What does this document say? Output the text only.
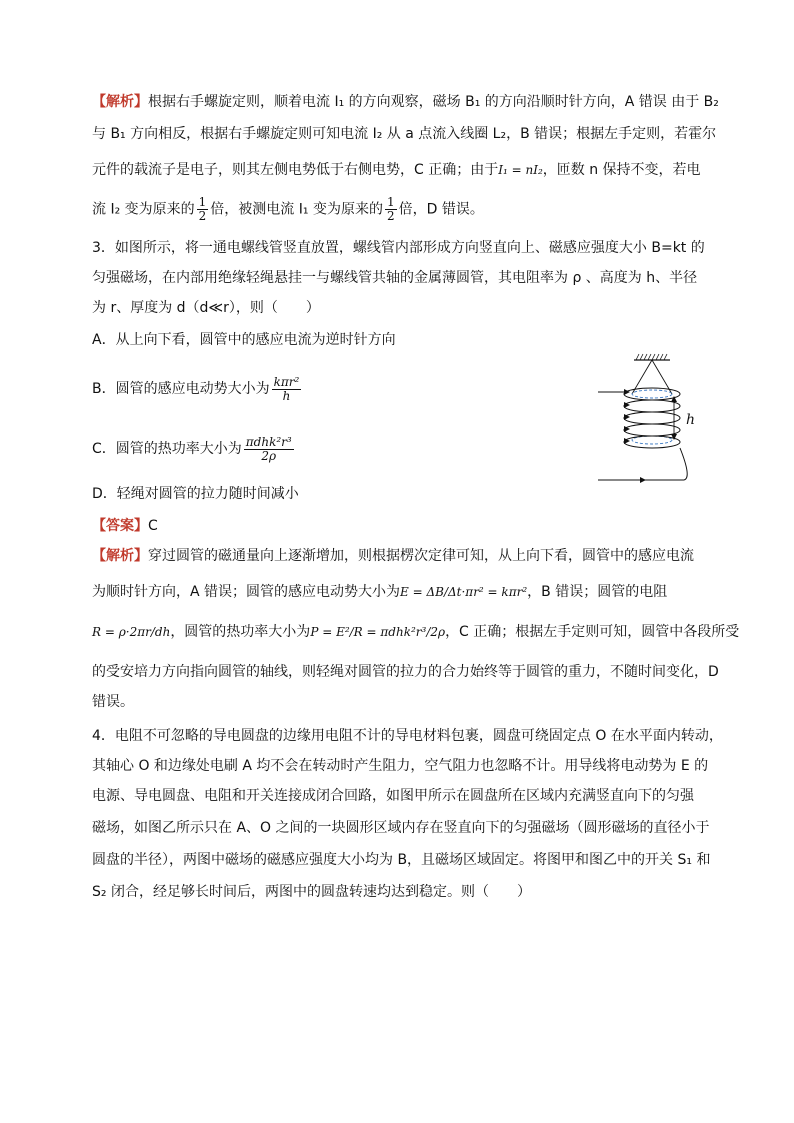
【解析】根据右手螺旋定则，顺着电流 I₁ 的方向观察，磁场 B₁ 的方向沿顺时针方向，A 错误 由于 B₂
与 B₁ 方向相反，根据右手螺旋定则可知电流 I₂ 从 a 点流入线圈 L₂，B 错误；根据左手定则，若霍尔
元件的载流子是电子，则其左侧电势低于右侧电势，C 正确；由于I₁ = nI₂，匝数 n 保持不变，若电
流 I₂ 变为原来的 $\frac{1}{2}$ 倍，被测电流 I₁ 变为原来的 $\frac{1}{2}$ 倍，D 错误。
3．如图所示，将一通电螺线管竖直放置，螺线管内部形成方向竖直向上、磁感应强度大小 B=kt 的
匀强磁场，在内部用绝缘轻绳悬挂一与螺线管共轴的金属薄圆管，其电阻率为 ρ 、高度为 h、半径
为 r、厚度为 d（d≪r），则（　　）
A．从上向下看，圆管中的感应电流为逆时针方向
B．圆管的感应电动势大小为 $\frac{\text{kπr²}}{h}$
C．圆管的热功率大小为 $\frac{\text{πdhk²r³}}{2\rho}$
D．轻绳对圆管的拉力随时间减小
h
【答案】C
【解析】穿过圆管的磁通量向上逐渐增加，则根据楞次定律可知，从上向下看，圆管中的感应电流
为顺时针方向，A 错误；圆管的感应电动势大小为E = ΔB/Δt·πr² = kπr²，B 错误；圆管的电阻
R = ρ·2πr/dh，圆管的热功率大小为P = E²/R = πdhk²r³/2ρ，C 正确；根据左手定则可知，圆管中各段所受
的受安培力方向指向圆管的轴线，则轻绳对圆管的拉力的合力始终等于圆管的重力，不随时间变化，D
错误。
4．电阻不可忽略的导电圆盘的边缘用电阻不计的导电材料包裹，圆盘可绕固定点 O 在水平面内转动，
其轴心 O 和边缘处电刷 A 均不会在转动时产生阻力，空气阻力也忽略不计。用导线将电动势为 E 的
电源、导电圆盘、电阻和开关连接成闭合回路，如图甲所示在圆盘所在区域内充满竖直向下的匀强
磁场，如图乙所示只在 A、O 之间的一块圆形区域内存在竖直向下的匀强磁场（圆形磁场的直径小于
圆盘的半径），两图中磁场的磁感应强度大小均为 B，且磁场区域固定。将图甲和图乙中的开关 S₁ 和
S₂ 闭合，经足够长时间后，两图中的圆盘转速均达到稳定。则（　　）
